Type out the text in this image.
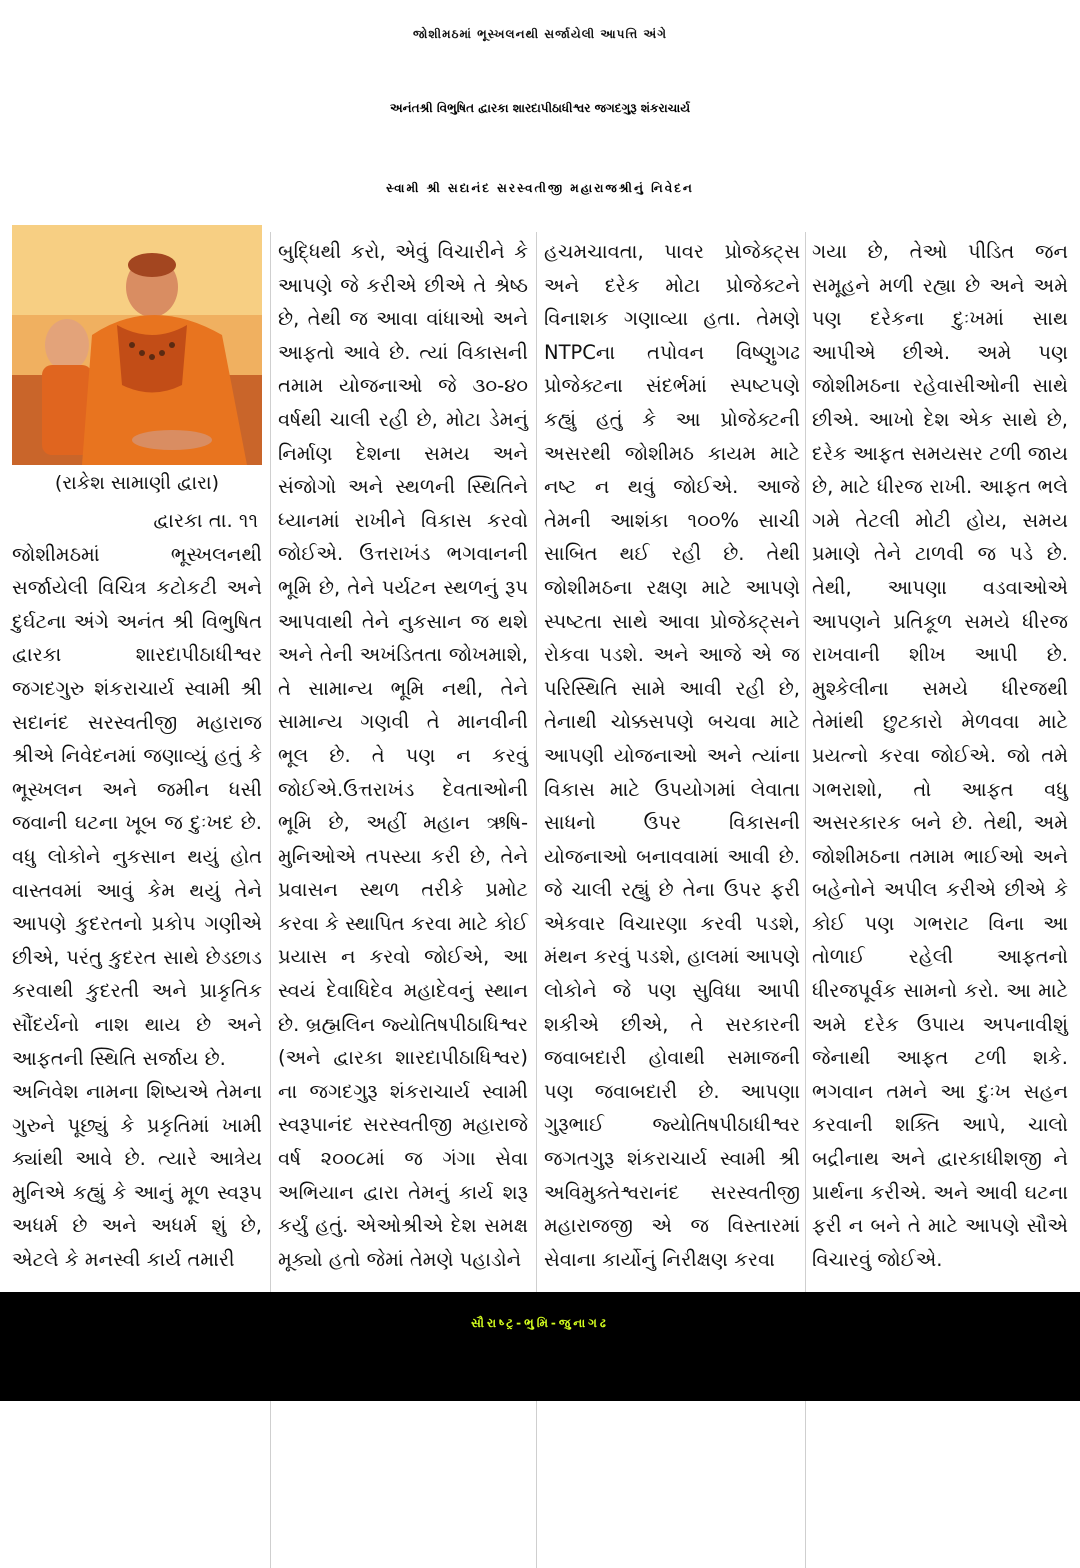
જોશીમઠમાં ભૂસ્ખલનથી સર્જાયેલી આપત્તિ અંગે
અનંતશ્રી વિભુષિત દ્વારકા શારદાપીઠાધીશ્વર જગદગુરૂ શંકરાચાર્ય
સ્વામી શ્રી સદાનંદ સરસ્વતીજી મહારાજશ્રીનું નિવેદન
(રાકેશ સામાણી દ્વારા)

દ્વારકા તા. ૧૧

જોશીમઠમાં ભૂસ્ખલનથી સર્જાયેલી વિચિત્ર કટોકટી અને દુર્ઘટના અંગે અનંત શ્રી વિભુષિત દ્વારકા શારદાપીઠાધીશ્વર જગદગુરુ શંકરાચાર્ય સ્વામી શ્રી સદાનંદ સરસ્વતીજી મહારાજ શ્રીએ નિવેદનમાં જણાવ્યું હતું કે ભૂસ્ખલન અને જમીન ધસી જવાની ઘટના ખૂબ જ દુઃખદ છે. વધુ લોકોને નુકસાન થયું હોત વાસ્તવમાં આવું કેમ થયું તેને આપણે કુદરતનો પ્રકોપ ગણીએ છીએ, પરંતુ કુદરત સાથે છેડછાડ કરવાથી કુદરતી અને પ્રાકૃતિક સૌંદર્યનો નાશ થાય છે અને આફતની સ્થિતિ સર્જાય છે.
અનિવેશ નામના શિષ્યએ તેમના ગુરુને પૂછ્યું કે પ્રકૃતિમાં ખામી ક્યાંથી આવે છે. ત્યારે આત્રેય મુનિએ કહ્યું કે આનું મૂળ સ્વરૂપ અધર્મ છે અને અધર્મ શું છે, એટલે કે મનસ્વી કાર્ય તમારી

બુદ્ધિથી કરો, એવું વિચારીને કે આપણે જે કરીએ છીએ તે શ્રેષ્ઠ છે, તેથી જ આવા વાંધાઓ અને આફતો આવે છે. ત્યાં વિકાસની તમામ યોજનાઓ જે ૩૦-૪૦ વર્ષથી ચાલી રહી છે, મોટા ડેમનું નિર્માણ દેશના સમય અને સંજોગો અને સ્થળની સ્થિતિને ધ્યાનમાં રાખીને વિકાસ કરવો જોઈએ. ઉત્તરાખંડ ભગવાનની ભૂમિ છે, તેને પર્યટન સ્થળનું રૂપ આપવાથી તેને નુકસાન જ થશે અને તેની અખંડિતતા જોખમાશે, તે સામાન્ય ભૂમિ નથી, તેને સામાન્ય ગણવી તે માનવીની ભૂલ છે. તે પણ ન કરવું જોઈએ.ઉત્તરાખંડ દેવતાઓની ભૂમિ છે, અહીં મહાન ઋષિ-મુનિઓએ તપસ્યા કરી છે, તેને પ્રવાસન સ્થળ તરીકે પ્રમોટ કરવા કે સ્થાપિત કરવા માટે કોઈ પ્રયાસ ન કરવો જોઈએ, આ સ્વયં દેવાધિદેવ મહાદેવનું સ્થાન છે. બ્રહ્મલિન જ્યોતિષપીઠાધિશ્વર (અને દ્વારકા શારદાપીઠાધિશ્વર) ના જગદગુરૂ શંકરાચાર્ય સ્વામી સ્વરૂપાનંદ સરસ્વતીજી મહારાજે વર્ષ ૨૦૦૮માં જ ગંગા સેવા અભિયાન દ્વારા તેમનું કાર્ય શરૂ કર્યું હતું. એઓશ્રીએ દેશ સમક્ષ મૂક્યો હતો જેમાં તેમણે પહાડોને

હચમચાવતા, પાવર પ્રોજેક્ટ્સ અને દરેક મોટા પ્રોજેક્ટને વિનાશક ગણાવ્યા હતા. તેમણે NTPCના તપોવન વિષ્ણુગઢ પ્રોજેક્ટના સંદર્ભમાં સ્પષ્ટપણે કહ્યું હતું કે આ પ્રોજેક્ટની અસરથી જોશીમઠ કાયમ માટે નષ્ટ ન થવું જોઈએ. આજે તેમની આશંકા ૧૦૦% સાચી સાબિત થઈ રહી છે. તેથી જોશીમઠના રક્ષણ માટે આપણે સ્પષ્ટતા સાથે આવા પ્રોજેક્ટ્સને રોકવા પડશે. અને આજે એ જ પરિસ્થિતિ સામે આવી રહી છે, તેનાથી ચોક્કસપણે બચવા માટે આપણી યોજનાઓ અને ત્યાંના વિકાસ માટે ઉપયોગમાં લેવાતા સાધનો ઉપર વિકાસની યોજનાઓ બનાવવામાં આવી છે. જે ચાલી રહ્યું છે તેના ઉપર ફરી એકવાર વિચારણા કરવી પડશે, મંથન કરવું પડશે, હાલમાં આપણે લોકોને જે પણ સુવિધા આપી શકીએ છીએ, તે સરકારની જવાબદારી હોવાથી સમાજની પણ જવાબદારી છે. આપણા ગુરૂભાઈ જ્યોતિષપીઠાધીશ્વર જગતગુરૂ શંકરાચાર્ય સ્વામી શ્રી અવિમુક્તેશ્વરાનંદ સરસ્વતીજી મહારાજજી એ જ વિસ્તારમાં સેવાના કાર્યોનું નિરીક્ષણ કરવા

ગયા છે, તેઓ પીડિત જન સમૂહને મળી રહ્યા છે અને અમે પણ દરેકના દુઃખમાં સાથ આપીએ છીએ. અમે પણ જોશીમઠના રહેવાસીઓની સાથે છીએ. આખો દેશ એક સાથે છે, દરેક આફત સમયસર ટળી જાય છે, માટે ધીરજ રાખી. આફત ભલે ગમે તેટલી મોટી હોય, સમય પ્રમાણે તેને ટાળવી જ પડે છે. તેથી, આપણા વડવાઓએ આપણને પ્રતિકૂળ સમયે ધીરજ રાખવાની શીખ આપી છે. મુશ્કેલીના સમયે ધીરજથી તેમાંથી છુટકારો મેળવવા માટે પ્રયત્નો કરવા જોઈએ. જો તમે ગભરાશો, તો આફત વધુ અસરકારક બને છે. તેથી, અમે જોશીમઠના તમામ ભાઈઓ અને બહેનોને અપીલ કરીએ છીએ કે કોઈ પણ ગભરાટ વિના આ તોળાઈ રહેલી આફતનો ધીરજપૂર્વક સામનો કરો. આ માટે અમે દરેક ઉપાય અપનાવીશું જેનાથી આફત ટળી શકે. ભગવાન તમને આ દુઃખ સહન કરવાની શક્તિ આપે, ચાલો બદ્રીનાથ અને દ્વારકાધીશજી ને પ્રાર્થના કરીએ. અને આવી ઘટના ફરી ન બને તે માટે આપણે સૌએ વિચારવું જોઈએ.

સૌરાષ્ટ્ર-ભુમિ-જુનાગઢ
